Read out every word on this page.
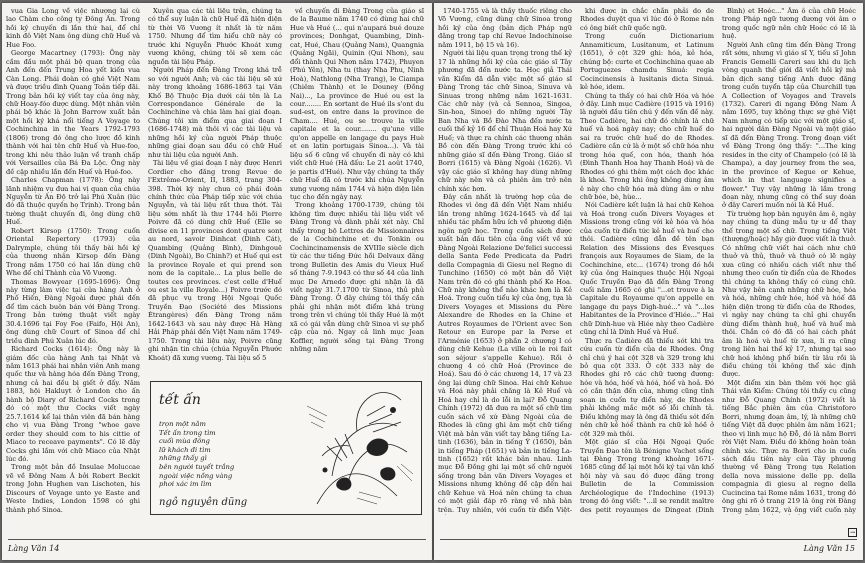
vua Gia Long về việc nhượng lại cù lao Chàm cho công ty Đông Ấn. Trong hồi ký chuyến đi lần thứ hai, để chỉ kinh đô Việt Nam ông dùng chữ Huế và Hue Foo.

George Macartney (1793): Ông này cầm đầu một phái bộ quan trọng của Anh đến đến Trung Hoa yết kiến vua Càn Long. Phái đoàn có ghé Việt Nam và được triều đình Quang Toản tiếp đãi. Trong bản hồi ký viết tay của ông này, chữ Hoay-fóo được dùng. Một nhân viên phái bộ khác là John Barrow xuất bản một hồi ký khá nổi tiếng A Voyage to Cochinchina in the Years 1792-1793 (1806) trong đó ông cho lược đồ kinh thành với hai tên chữ Huế và Hue-foo, trong khi nêu thảo luận về tranh chấp với Versailles của Bá Đa Lộc. Ông này đề cập nhiều lần đến Huế và Hué-foo.

Charles Chapman (1778): Ông này lãnh nhiệm vụ đưa hai vị quan của chúa Nguyễn từ Ấn Độ trở lại Phú Xuân (lúc đó đã thuộc quyền họ Trịnh). Trong bản tường thuật chuyến đi, ông dùng chữ Huế.

Robert Kirsop (1750): Trong cuốn Oriental Repertory (1793) của Dalrymple, chúng tôi thấy bài hồi ký của thương nhân Kirsop đến Đàng Trong năm 1750 có hai lần dùng chữ Whe để chỉ Thành của Võ Vương.

Thomas Bowyear (1695-1696): Ông này từng làm việc tại cửa hàng Anh ở Phố Hiến, Đàng Ngoài được phái đến để tìm cách buôn bán với Đàng Trong. Trong bản tường thuật viết ngày 30.4.1696 tại Foy Foe (Faifo, Hội An), ông dùng chữ Court of Sinoa để chỉ triều đình Phú Xuân lúc đó.

Richard Cocks (1614): Ông này là giám đốc của hàng Anh tại Nhật và năm 1613 phái hai nhân viên Anh mang quốc thư và hàng hóa đến Đàng Trong, nhưng cả hai đều bị giết ở đấy. Năm 1883, hội Hakluyt ở London cho ấn hành bộ Diary of Richard Cocks trong đó có một thư Cocks viết ngày 25.7.1614 kể lại thân viên đã bán hàng cho vị vua Đàng Trong "whoe gave order they should com to his cittie of Miaco to receave payments". Có lẽ đây Cocks ghi lầm với chữ Miaco của Nhật lúc đó.

Trong một bản đồ Insulae Moluccae vẽ về Đông Nam Á bởi Robert Beckit trong John Hughen van Lischoten, his Discours of Voyage unto ye Easte and Weste Indies, London 1598 có ghi thành phố Sinoa.

Xuyên qua các tài liệu trên, chúng ta có thể suy luận là chữ Huế đã hiện diện từ thời Võ Vương ít nhất là từ năm 1750. Nhưng để tìm hiểu chữ này có trước khi Nguyễn Phước Khoát xưng vương không, chúng tôi sẽ xem các nguồn tài liệu Pháp.

Người Pháp đến Đàng Trong khá trễ so với người Anh; và các tài liệu sẽ xứ này trong khoảng 1686-1863 tại Văn Khố Bộ Thuộc Địa dưới cái tên là La Correspondance Générale de la Cochinchine và chia làm hai giai đoạn. Chúng tôi xin điểm qua giai đoạn I (1686-1748) mà thôi vì các tài liệu và những hồi ký của người Pháp thuộc những giai đoạn sau đều có chữ Huế như tài liệu của người Anh.

Tài liệu về giai đoạn I này được Henri Cordier cho đăng trong Revue de l'Extrême-Orient, II, 1883, trang 304-398. Thời kỳ này chưa có phái đoàn chính thức của Pháp tiếp xúc với chúa Nguyễn, và tài liệu rất thưa thớt. Tài liệu sớm nhất là thư 1744 hồi Pierre Poivre đã có dùng chữ Huế (Elle se divise en 11 provinces dont quatre sont au nord, savoir Dinhcat (Dinh Cát), Quambing (Quảng Bình), Dinhgouë (Dinh Ngoài), Bo Chinh?) et Huế qui est la province Royale et qui prend son nom de la capitale... La plus belle de toutes ces provinces. c'est celle d'Huế ou est la ville Royale...) Poivre trước đó đã phục vụ trong Hội Ngoại Quốc Truyền Đạo (Société des Missions Étrangères) đến Đàng Trong năm 1642-1643 và sau này được Hà Hàng Hải Pháp phái đến Việt Nam năm 1749-1750. Trong tài liệu này, Poivre cũng ghi nhận tin chúa (chúa Nguyễn Phước Khoát) đã xưng vương. Tài liệu số 5

về chuyến đi Đàng Trong của giáo sĩ de la Baume năm 1740 có dùng hai chữ Hue và Hué (... qui n'aupará bué douze provinces; Donhgat, Quambing, Dinh-cat, Hué, Chau (Quảng Nam), Quangnia (Quảng Ngãi), Quinin (Qui Nhơn), sau đổi thành Qui Nhơn năm 1742), Phuyen (Phú Yên), Nha tu (thay Nha Phu, Ninh Hoà), Nathlong (Nha Trang), le Ciampa (Chiêm Thành) et le Douney (Đồng Nai)..., La province de Hué ou est la cour........ En sortant de Hué ils s'ont du sud-est, on entre dans la province de Cham.... Hué, ou se trouve la ville capitale et la cour........ qu'une ville qu'on appelle en langage du pays Huè et en latin portugais Sinoa...). Và tài liệu số 6 cũng về chuyến đi này có khi viết chữ Hué (Hà đấu: Le 21 août 1740, je partis d'Hué). Như vậy chúng ta thấy chữ Huế đã có trước khi chúa Nguyễn xưng vương năm 1744 và hiện diện liên tục cho đến ngày nay.

Trong khoảng 1700-1739, chúng tôi không tìm được nhiều tài liệu viết về Đàng Trong và đành phải xét này. Chỉ thấy trong bộ Lettres de Missionnaires de la Cochinchine et du Tonkin ou Cochincinamensis de XVIIIe siècle dịch từ các thư tiếng Đức hồi Delvaux đăng trong Bulletin des Amis du Vieux Huế số tháng 7-9.1943 có thư số 44 của linh mục De Arnedo được ghi nhận là đã viết ngày 31.7.1700 từ Sinoa, thủ phủ Đàng Trong. Ở đây chúng tôi thấy cần phải ghi nhận một điểm khá trùng trong trên vì chúng tôi thấy Hué là một xã có gái vẫn dùng chữ Sinoa vì sự phổ cập của nó. Ngay cả linh mục Jean Koffler, người sống tại Đàng Trong những năm

tết ấn
trọn một năm
Tết ấn trong tìm
cuối mùa đông
lữ khách đi tìm
những thấy gì
bên người tuyết trắng
ngoài việc nồng vàng
phơi xác im lìm
ngô nguyên dũng
Làng Văn 14

1740-1755 và là thầy thuốc riêng cho Võ Vương, cũng dùng chữ Sinoa trong hồi ký của ông (bản dịch Pháp ngữ đăng trong tạp chí Revue Indochinoise năm 1911, bộ 15 và 16).

Người tài liệu quan trọng trong thế kỷ 17 là những hồi ký của các giáo sĩ Tây phương đã đến nước ta. Học giả Thái văn Kiểm đã dẫn việc một số giáo sĩ Đàng Trong tác chữ Sinoa, Sinuva và Sinuas trong những năm 1621-1631. Các chữ này (và cả Sennoa, Singoa, Sin-hoa, Sinoe) do những người Tây Ban Nha và Bồ Đào Nha đến nước ta cuối thế kỷ 16 để chỉ Thuận Hoá hay Xứ Huế; và thực ra chính các thương nhân Bồ còn đến Đàng Trong trước khi có những giáo sĩ đến Đàng Trong. Giáo sĩ Borri (1615) và Đàng Ngoài (1626). Vì vậy các giáo sĩ không hay dùng những chữ này nên và cả phiên âm trở nên chính xác hơn.

Đây cần nhất là trường hợp của de Rhodes vì ông đã đến Việt Nam nhiều lần trong những 1624-1645 và để lại nhiều tác phẩm hữu ích về phương diện ngôn ngữ học. Trong cuốn sách được xuất bản đầu tiên của ông viết về xứ Đàng Ngoài Relazione De'felici successi della Santa Fede Predicata da Padri della Compagnia di Giesu nel Regno di Tunchino (1650) có một bản đồ Việt Nam trên đó có ghi thành phố Ke Hoa. Chữ này không thể nào khác hơn là Kẻ Hoá. Trong cuốn tiểu kỷ của ông, tựa là Divers Voyages et Missions du Père Alexandre de Rhodes en la Chine et Autres Royaumes de l'Orient avec Son Retour en Europe par la Perse et l'Arménie (1653) ở phần 2 chương I có dùng chữ Kehue (La ville où le roi fait son séjour s'appelle Kehue). Rồi ở chương 4 có chữ Hoá (Province de Hoá). Sau đó ở các chương 14, 17 và 23 ông lại dùng chữ Sinoa. Hai chữ Kehue và Hoá này phải chăng là Kẻ Huế và Hoá hay chỉ là do lỗi in lại? Đỗ Quang Chính (1972) đã đưa ra một số chữ tìm cuốn sách về xứ Đàng Ngoài của de Rhodes là cũng ghi âm một chữ tiếng Việt mà bản văn viết tay bằng tiếng La-tinh (1636), bản in tiếng Ý (1650), bản in tiếng Pháp (1651) và bản in tiếng La-tinh (1652) rất khác bản nhau. Linh mục Đỗ Đồng ghi lại một số chữ người sống trong bản văn Divers Voyages et Missions nhưng không đề cập đến hai chữ Kehue và Hoá nên chúng ta chưa có một giải đáp rõ ràng về nhà bàn trên. Tuy nhiên, với cuốn từ điển Việt-

khi được in chắc chắn phải do de Rhodes duyệt qua vì lúc đó ở Rome nên có ông biết chữ quốc ngữ.

Trong cuốn Dictionarium Annamiticum, Lusitanum, et Latinum (1651), ở cột 329 ghi: hóa, kẻ hóa, chúng bộ: curte et Cochinchina quae ab Portuguezes chamdu Sinuá: regia Cocincinensis à lusitanis dicta Sinuá. kẻ hóe, idem.

Chúng ta thấy có hai chữ Hóa và hóe ở đây. Linh mục Cadière (1915 và 1916) là người đầu tiên chú ý đến vấn đề này. Theo Cadière, hai chữ đó chính là chữ huế và hoá ngày nay; cho chữ huế do sai ra trước chữ huế do de Rhodes. Cadière cần cứ là ở một số chữ hóa như trong hóa quế, con hóa, thanh hóa (Đình Thanh Hoa hay Thanh Hoá) và de Rhodes có ghi thêm một cách đọc khác là khoá. Trong khi ông không dùng âm ê này cho chữ hóa mà dùng âm ơ như chữ bóe, bè, hùe...

Nói Cadière kết luận là hai chữ Kehoa và Hoá trong cuốn Divers Voyages et Missions trong cũng với kẻ hóa và hóa của cuốn từ điển tức kẻ huế và huế cho thôi. Cadière cũng dẫn đề tên bạn Relation des Missions des Évesques françois aux Royaumes de Siam, de la Cochinchine, etc... (1674) trong đó hồi ký của ông Hainques thuộc Hội Ngoại Quốc Truyền Đạo đã đến Đàng Trong cuối năm 1665 có ghi "...et trouve à la Capitale du Royaume qu'on appelle en langage du pays Digh-hué..." và "...les Habitantes de la Province d'Hiée..." Hai chữ Dinh-hue và Hiée này theo Cadière cũng chỉ là Dinh Huế và Huế.

Thực ra Cadière đã thiếu sót khi tra cứu cuốn từ điển của de Rhodes. Ông chỉ chú ý hai cột 328 và 329 trong khi bỏ qua cột 333. Ở cột 333 này de Rhodes ghi rõ các chữ tương đương: hóe và hóa, hóế và hóá, hóể và hoả. Đó có cần thận đến của, nhưng cũng tỉnh soạn in cuốn tự điển này, de Rhodes phải không mắc một số lỗi chính tả. Điều không may là ông đã thiếu sót đến nên chữ kẻ hóế thành ra chữ kẻ hóề ở cột 329 mà thôi.

Một giáo sĩ của Hội Ngoại Quốc Truyền Đạo tên là Bénigne Vachet sống tại Đàng Trong trong khoảng 1671-1685 cũng để lại một hồi ký tại văn khố hội này và sau đó được đăng trong Bulletin de la Commission Archéologique de l'Indochine (1913) trong đó ông viết: "...il se rendit maître des petit royaumes de Dingeat (Dinh

Bình) et Hoéc..." Âm ô của chữ Hoéc trong Pháp ngữ tương đương với âm ơ trong quốc ngữ nên chữ Hoéc có lẽ là huệ.

Người Anh cũng tìm đến Đàng Trong rất sớm, nhưng vì giáo sĩ Y, tiếu sĩ John Francis Gemelli Careri sau khi du lịch vòng quanh thế giới đã viết hồi ký mà bản dịch sang tiếng Anh được đăng trong cuốn tuyển tập của Churchill tựa A Collection of Voyages and Travels (1732). Careri đi ngang Đông Nam Á năm 1695, tuy không thực sự ghé Việt Nam nhưng có tiếp xúc với một giáo sĩ, hai người dân Đàng Ngoài và một giáo sĩ đã đến Đàng Trong. Trong đoạn viết về Đàng Trong ông thấy: "...The king resides in the city of Champelo (có lẽ là Champa), a day journey from the sea, in the province of Kegue or Kehue, which in that language signifies a flower." Tuy vậy những là lầm trong đoạn này, nhưng cũng có thể suy đoán ở đây Careri muốn nói là Kẻ Huế.

Từ trường hợp bàn nguyên âm ê, ngày nay chúng ta dùng mẫu tự ư để thay thế trong một số chữ. Trong tiếng Việt (thượng/hoặc) hãy giờ được viết là thuở. Có những chữ viết hai cách như chữ thuở và thủ, thuở và thuở có lẽ ngày xưa cũng có nhiều cách viết như thế nhưng theo cuốn từ điển của de Rhodes thì chúng ta không thấy có cùng chữ. Như vậy bên cạnh những chữ hóe, hóa và hóá, những chữ hóe, hóế và hóế đã hiện diện trong từ điển của de Rhodes, vì ngày nay chúng ta chỉ ghi chuyển dùng điểm thành huệ, huế và huể mà thôi. Chắn có đó đã có hai cách phát âm là hoá và huế từ xưa, li ra cũng trong liên hai thế kỷ 17, nhưng tại sao chữ hoá không phổ biến từ lâu rồi là điều chúng tôi không thể xác định được.

Một điểm xin bàn thêm với học giả Thái văn Kiểm: Chúng tôi thấy cụ cũng như Đỗ Quang Chính (1972) viết là tiếng Bắc phiên âm của Christoforo Borri, nhưng đoạn âm, lý, là những chữ tiếng Việt đã được phiên âm năm 1621; theo vị linh mục hộ Đỗ, đó là năm Borri rời Việt Nam. Điều đó không hoàn toàn chính xác. Thực ra Borri cho in cuốn sách đầu tiên này của Tây phương thường về Đàng Trong tựa Relation della nova missione delle pp. della compagnia di giesu al regno della Cucincina tại Rome năm 1631, trong đó ông ghi rõ ở trang 219 là ông rời Đàng Trong năm 1622, và ông viết cuốn này

→
Làng Văn 15
